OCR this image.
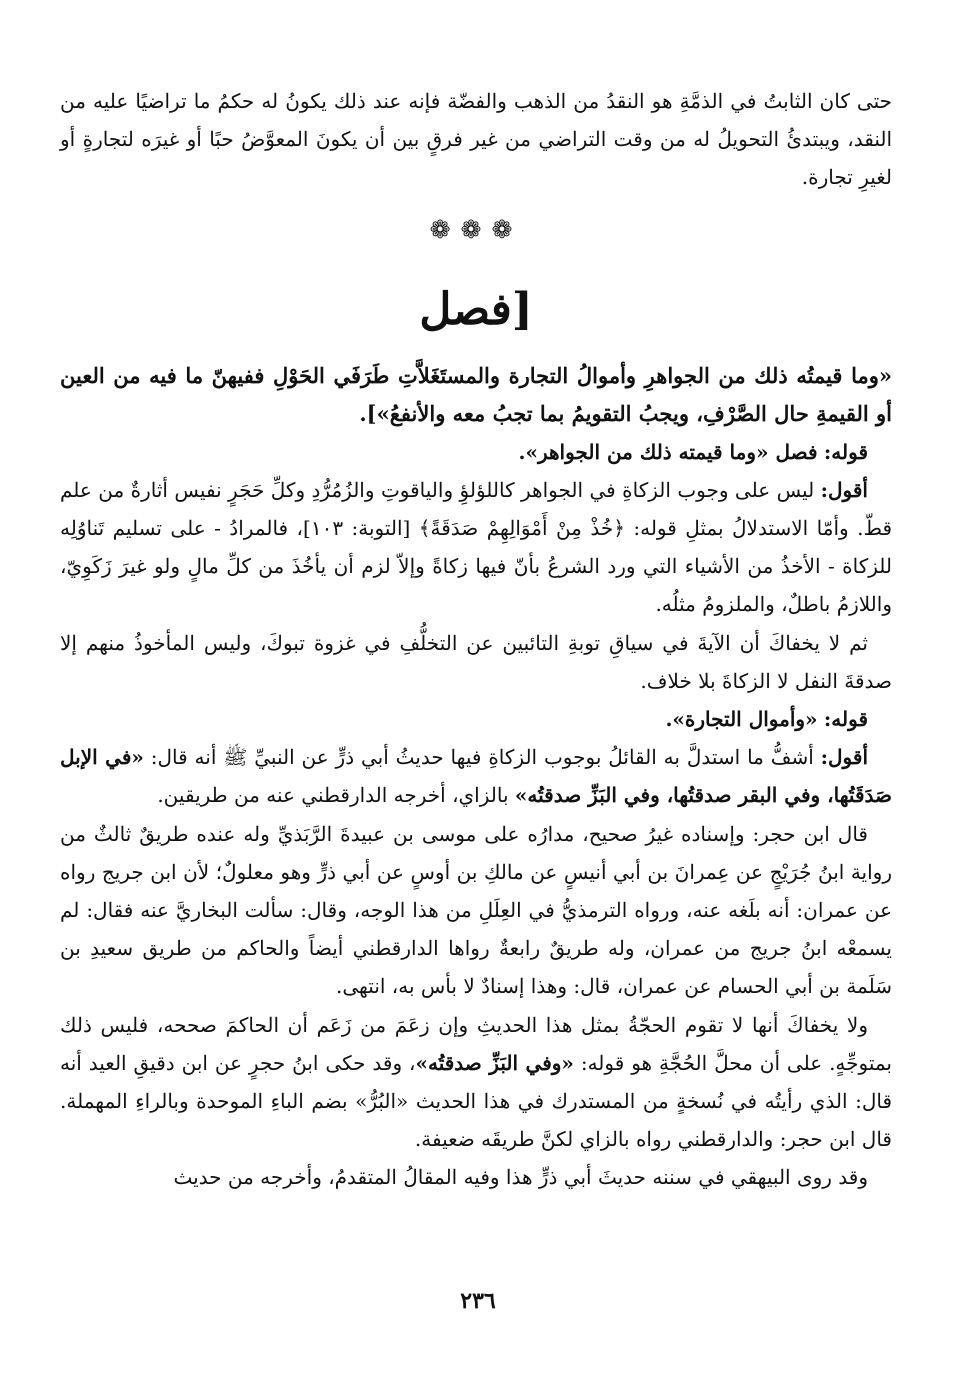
حتى كان الثابتُ في الذمَّةِ هو النقدُ من الذهب والفضّة فإنه عند ذلك يكونُ له حكمُ ما تراضيًا عليه من النقد، ويبتدئُ التحويلُ له من وقت التراضي من غير فرقٍ بين أن يكونَ المعوَّضُ حبًا أو غيرَه لتجارةٍ أو لغيرِ تجارة.

❁❁❁
[فصل

«وما قيمتُه ذلك من الجواهرِ وأموالُ التجارة والمستَغَلاَّتِ طَرَفَي الحَوْلِ ففيهنّ ما فيه من العين أو القيمةِ حال الصَّرْفِ، ويجبُ التقويمُ بما تجبُ معه والأنفعُ»].

قوله: فصل «وما قيمته ذلك من الجواهر».

أقول: ليس على وجوب الزكاةِ في الجواهر كاللؤلؤِ والياقوتِ والزُمُرُّدِ وكلِّ حَجَرٍ نفيس أثارةٌ من علم قطّ. وأمّا الاستدلالُ بمثلِ قوله: ﴿خُذْ مِنْ أَمْوَالِهِمْ صَدَقَةً﴾ [التوبة: ١٠٣]، فالمرادُ - على تسليم تَناوُلِه للزكاة - الأخذُ من الأشياء التي ورد الشرعُ بأنّ فيها زكاةً وإلاّ لزم أن يأخُذَ من كلِّ مالٍ ولو غيرَ زَكَوِيّ، واللازمُ باطلٌ، والملزومُ مثلُه.

ثم لا يخفاكَ أن الآيةَ في سياقِ توبةِ التائبين عن التخلُّفِ في غزوة تبوكَ، وليس المأخوذُ منهم إلا صدقةَ النفل لا الزكاةَ بلا خلاف.

قوله: «وأموال التجارة».

أقول: أشفُّ ما استدلَّ به القائلُ بوجوب الزكاةِ فيها حديثُ أبي ذرٍّ عن النبيِّ ﷺ أنه قال: «في الإبل صَدَقَتُها، وفي البقر صدقتُها، وفي البَزِّ صدقتُه» بالزاي، أخرجه الدارقطني عنه من طريقين.

قال ابن حجر: وإسناده غيرُ صحيح، مدارُه على موسى بن عبيدةَ الرَّبَذيِّ وله عنده طريقٌ ثالثٌ من رواية ابنُ جُرَيْجٍ عن عِمرانَ بن أبي أنيسٍ عن مالكِ بن أوسٍ عن أبي ذرٍّ وهو معلولٌ؛ لأن ابن جريج رواه عن عمران: أنه بلَغه عنه، ورواه الترمذيُّ في العِلَلِ من هذا الوجه، وقال: سألت البخاريَّ عنه فقال: لم يسمعْه ابنُ جريج من عمران، وله طريقٌ رابعةٌ رواها الدارقطني أيضاً والحاكم من طريق سعيدِ بن سَلَمة بن أبي الحسام عن عمران، قال: وهذا إسنادٌ لا بأس به، انتهى.

ولا يخفاكَ أنها لا تقوم الحجّةُ بمثل هذا الحديثِ وإن زعَمَ من زَعَم أن الحاكمَ صححه، فليس ذلك بمتوجِّهٍ. على أن محلَّ الحُجَّةِ هو قوله: «وفي البَزِّ صدقتُه»، وقد حكى ابنُ حجرٍ عن ابن دقيقِ العيد أنه قال: الذي رأيتُه في نُسخةٍ من المستدرك في هذا الحديث «البُرُّ» بضم الباءِ الموحدة وبالراءِ المهملة. قال ابن حجر: والدارقطني رواه بالزاي لكنَّ طريقَه ضعيفة.

وقد روى البيهقي في سننه حديثَ أبي ذرٍّ هذا وفيه المقالُ المتقدمُ، وأخرجه من حديث

٢٣٦
